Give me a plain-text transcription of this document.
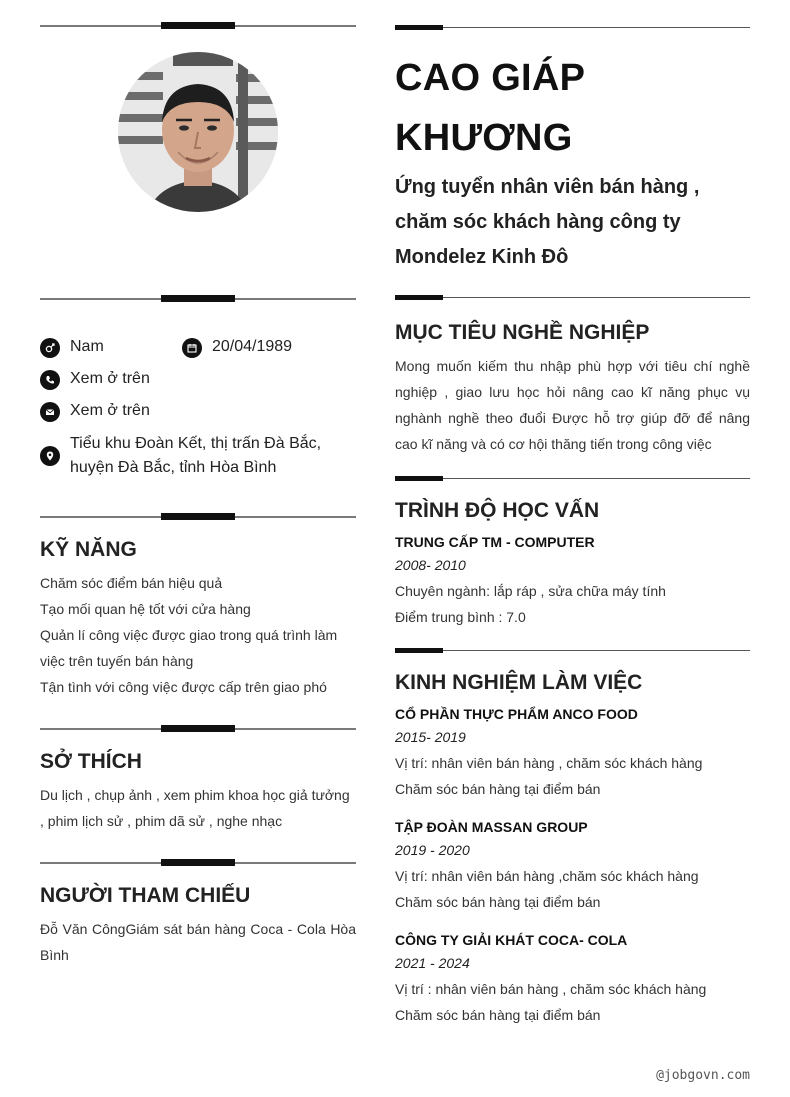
Nam	20/04/1989
Xem ở trên
Xem ở trên
Tiểu khu Đoàn Kết, thị trấn Đà Bắc, huyện Đà Bắc, tỉnh Hòa Bình
KỸ NĂNG
Chăm sóc điểm bán hiệu quả
Tạo mối quan hệ tốt với cửa hàng
Quản lí công việc được giao trong quá trình làm việc trên tuyến bán hàng
Tận tình với công việc được cấp trên giao phó
SỞ THÍCH
Du lịch , chụp ảnh , xem phim khoa học giả tưởng , phim lịch sử , phim dã sử , nghe nhạc
NGƯỜI THAM CHIẾU
Đỗ Văn CôngGiám sát bán hàng Coca - Cola Hòa Bình
CAO GIÁP
KHƯƠNG
Ứng tuyển nhân viên bán hàng , chăm sóc khách hàng công ty Mondelez Kinh Đô
MỤC TIÊU NGHỀ NGHIỆP
Mong muốn kiếm thu nhập phù hợp với tiêu chí nghề nghiệp , giao lưu học hỏi nâng cao kĩ năng phục vụ nghành nghề theo đuổi Được hỗ trợ giúp đỡ để nâng cao kĩ năng và có cơ hội thăng tiến trong công việc
TRÌNH ĐỘ HỌC VẤN
TRUNG CẤP TM - COMPUTER
2008- 2010
Chuyên ngành: lắp ráp , sửa chữa máy tính
Điểm trung bình : 7.0
KINH NGHIỆM LÀM VIỆC
CỔ PHẦN THỰC PHẨM ANCO FOOD
2015- 2019
Vị trí: nhân viên bán hàng , chăm sóc khách hàng
Chăm sóc bán hàng tại điểm bán
TẬP ĐOÀN MASSAN GROUP
2019 - 2020
Vị trí: nhân viên bán hàng ,chăm sóc khách hàng
Chăm sóc bán hàng tại điểm bán
CÔNG TY GIẢI KHÁT COCA- COLA
2021 - 2024
Vị trí : nhân viên bán hàng , chăm sóc khách hàng
Chăm sóc bán hàng tại điểm bán
@jobgovn.com
